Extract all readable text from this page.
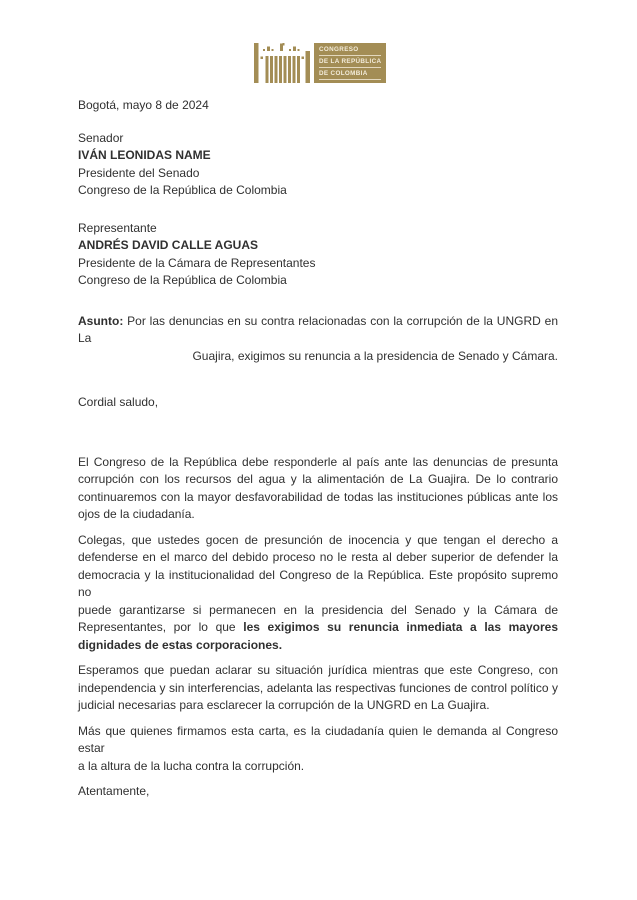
CONGRESO
DE LA REPÚBLICA
DE COLOMBIA
Bogotá, mayo 8 de 2024
Senador
IVÁN LEONIDAS NAME
Presidente del Senado
Congreso de la República de Colombia
Representante
ANDRÉS DAVID CALLE AGUAS
Presidente de la Cámara de Representantes
Congreso de la República de Colombia
Asunto: Por las denuncias en su contra relacionadas con la corrupción de la UNGRD en La
Guajira, exigimos su renuncia a la presidencia de Senado y Cámara.
Cordial saludo,
El Congreso de la República debe responderle al país ante las denuncias de presunta
corrupción con los recursos del agua y la alimentación de La Guajira. De lo contrario
continuaremos con la mayor desfavorabilidad de todas las instituciones públicas ante los
ojos de la ciudadanía.
Colegas, que ustedes gocen de presunción de inocencia y que tengan el derecho a
defenderse en el marco del debido proceso no le resta al deber superior de defender la
democracia y la institucionalidad del Congreso de la República. Este propósito supremo no
puede garantizarse si permanecen en la presidencia del Senado y la Cámara de
Representantes, por lo que les exigimos su renuncia inmediata a las mayores
dignidades de estas corporaciones.
Esperamos que puedan aclarar su situación jurídica mientras que este Congreso, con
independencia y sin interferencias, adelanta las respectivas funciones de control político y
judicial necesarias para esclarecer la corrupción de la UNGRD en La Guajira.
Más que quienes firmamos esta carta, es la ciudadanía quien le demanda al Congreso estar
a la altura de la lucha contra la corrupción.
Atentamente,
